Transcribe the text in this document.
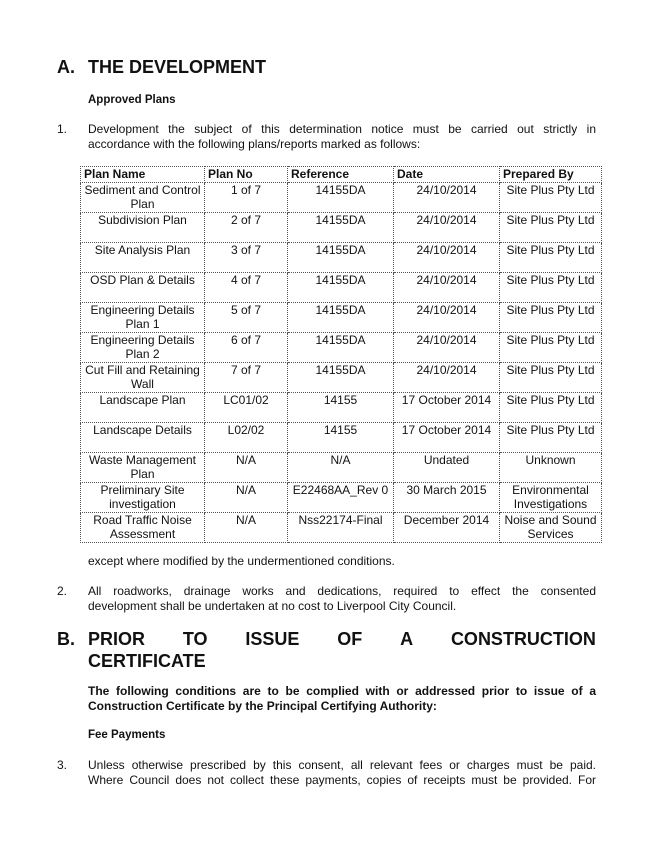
A. THE DEVELOPMENT
Approved Plans
1. Development the subject of this determination notice must be carried out strictly in
accordance with the following plans/reports marked as follows:
Plan Name	Plan No	Reference	Date	Prepared By
Sediment and Control Plan	1 of 7	14155DA	24/10/2014	Site Plus Pty Ltd
Subdivision Plan	2 of 7	14155DA	24/10/2014	Site Plus Pty Ltd
Site Analysis Plan	3 of 7	14155DA	24/10/2014	Site Plus Pty Ltd
OSD Plan & Details	4 of 7	14155DA	24/10/2014	Site Plus Pty Ltd
Engineering Details Plan 1	5 of 7	14155DA	24/10/2014	Site Plus Pty Ltd
Engineering Details Plan 2	6 of 7	14155DA	24/10/2014	Site Plus Pty Ltd
Cut Fill and Retaining Wall	7 of 7	14155DA	24/10/2014	Site Plus Pty Ltd
Landscape Plan	LC01/02	14155	17 October 2014	Site Plus Pty Ltd
Landscape Details	L02/02	14155	17 October 2014	Site Plus Pty Ltd
Waste Management Plan	N/A	N/A	Undated	Unknown
Preliminary Site investigation	N/A	E22468AA_Rev 0	30 March 2015	Environmental Investigations
Road Traffic Noise Assessment	N/A	Nss22174-Final	December 2014	Noise and Sound Services
except where modified by the undermentioned conditions.
2. All roadworks, drainage works and dedications, required to effect the consented
development shall be undertaken at no cost to Liverpool City Council.
B. PRIOR TO ISSUE OF A CONSTRUCTION
CERTIFICATE
The following conditions are to be complied with or addressed prior to issue of a
Construction Certificate by the Principal Certifying Authority:
Fee Payments
3. Unless otherwise prescribed by this consent, all relevant fees or charges must be paid.
Where Council does not collect these payments, copies of receipts must be provided. For
